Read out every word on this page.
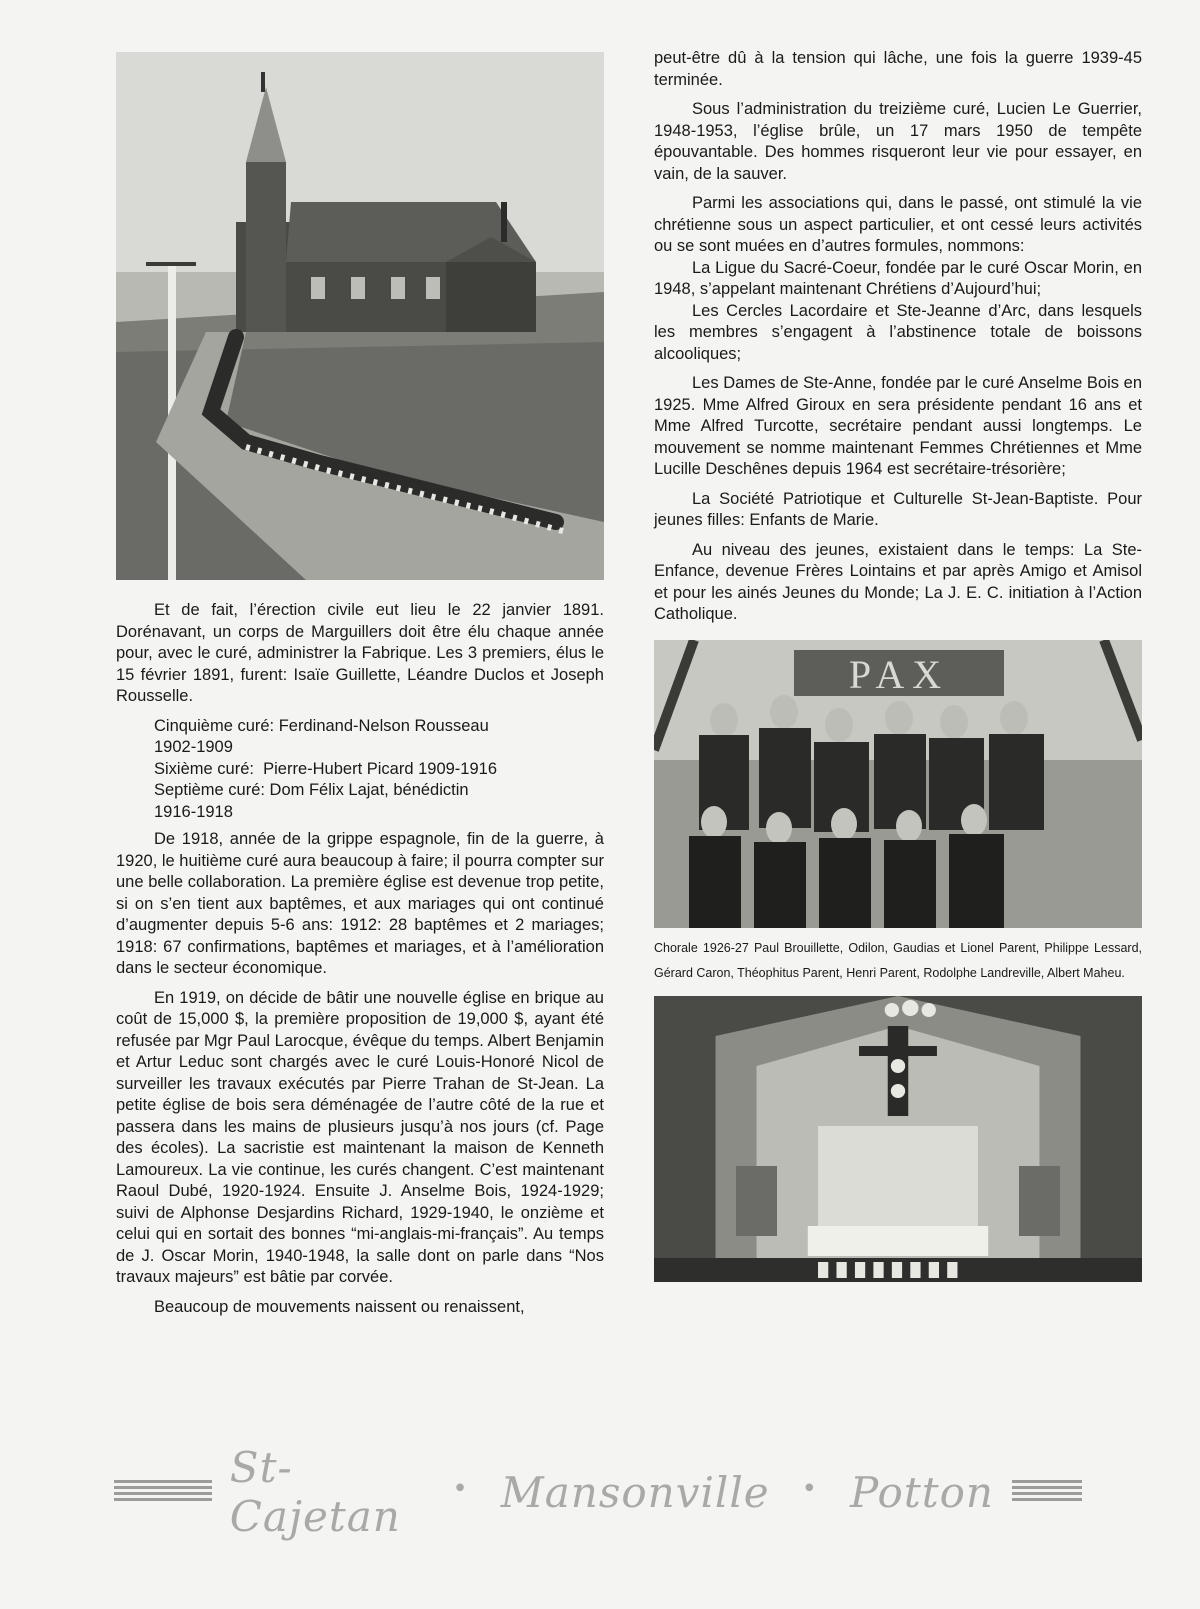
Et de fait, l’érection civile eut lieu le 22 janvier 1891. Dorénavant, un corps de Marguillers doit être élu chaque année pour, avec le curé, administrer la Fabrique. Les 3 premiers, élus le 15 février 1891, furent: Isaïe Guillette, Léandre Duclos et Joseph Rousselle.

Cinquième curé: Ferdinand-Nelson Rousseau
1902-1909
Sixième curé:  Pierre-Hubert Picard 1909-1916
Septième curé: Dom Félix Lajat, bénédictin
1916-1918

De 1918, année de la grippe espagnole, fin de la guerre, à 1920, le huitième curé aura beaucoup à faire; il pourra compter sur une belle collaboration. La première église est devenue trop petite, si on s’en tient aux baptêmes, et aux mariages qui ont continué d’augmenter depuis 5-6 ans: 1912: 28 baptêmes et 2 mariages; 1918: 67 confirmations, baptêmes et mariages, et à l’amélioration dans le secteur économique.

En 1919, on décide de bâtir une nouvelle église en brique au coût de 15,000 $, la première proposition de 19,000 $, ayant été refusée par Mgr Paul Larocque, évêque du temps. Albert Benjamin et Artur Leduc sont chargés avec le curé Louis-Honoré Nicol de surveiller les travaux exécutés par Pierre Trahan de St-Jean. La petite église de bois sera déménagée de l’autre côté de la rue et passera dans les mains de plusieurs jusqu’à nos jours (cf. Page des écoles). La sacristie est maintenant la maison de Kenneth Lamoureux. La vie continue, les curés changent. C’est maintenant Raoul Dubé, 1920-1924. Ensuite J. Anselme Bois, 1924-1929; suivi de Alphonse Desjardins Richard, 1929-1940, le onzième et celui qui en sortait des bonnes “mi-anglais-mi-français”. Au temps de J. Oscar Morin, 1940-1948, la salle dont on parle dans “Nos travaux majeurs” est bâtie par corvée.

Beaucoup de mouvements naissent ou renaissent,

peut-être dû à la tension qui lâche, une fois la guerre 1939-45 terminée.

Sous l’administration du treizième curé, Lucien Le Guerrier, 1948-1953, l’église brûle, un 17 mars 1950 de tempête épouvantable. Des hommes risqueront leur vie pour essayer, en vain, de la sauver.

Parmi les associations qui, dans le passé, ont stimulé la vie chrétienne sous un aspect particulier, et ont cessé leurs activités ou se sont muées en d’autres formules, nommons:

La Ligue du Sacré-Coeur, fondée par le curé Oscar Morin, en 1948, s’appelant maintenant Chrétiens d’Aujourd’hui;

Les Cercles Lacordaire et Ste-Jeanne d’Arc, dans lesquels les membres s’engagent à l’abstinence totale de boissons alcooliques;

Les Dames de Ste-Anne, fondée par le curé Anselme Bois en 1925. Mme Alfred Giroux en sera présidente pendant 16 ans et Mme Alfred Turcotte, secrétaire pendant aussi longtemps. Le mouvement se nomme maintenant Femmes Chrétiennes et Mme Lucille Deschênes depuis 1964 est secrétaire-trésorière;

La Société Patriotique et Culturelle St-Jean-Baptiste. Pour jeunes filles: Enfants de Marie.

Au niveau des jeunes, existaient dans le temps: La Ste-Enfance, devenue Frères Lointains et par après Amigo et Amisol et pour les ainés Jeunes du Monde; La J. E. C. initiation à l’Action Catholique.

PAX
Chorale 1926-27 Paul Brouillette, Odilon, Gaudias et Lionel Parent, Philippe Lessard, Gérard Caron, Théophitus Parent, Henri Parent, Rodolphe Landreville, Albert Maheu.
St-Cajetan
• Mansonville • Potton
